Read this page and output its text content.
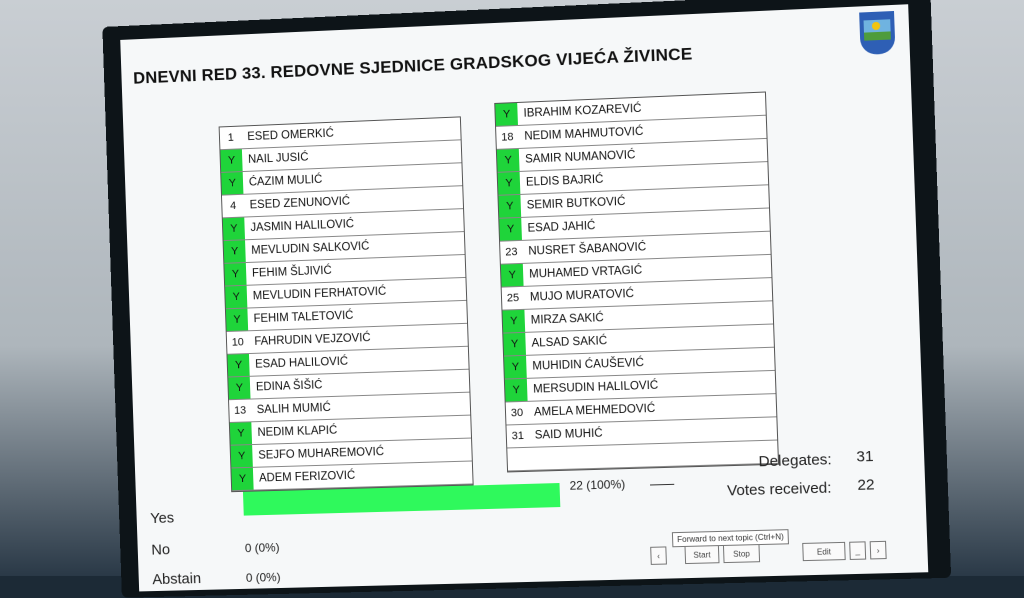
DNEVNI RED 33. REDOVNE SJEDNICE GRADSKOG VIJEĆA ŽIVINCE
1	ESED OMERKIĆ
Y	NAIL JUSIĆ
Y	ĆAZIM MULIĆ
4	ESED ZENUNOVIĆ
Y	JASMIN HALILOVIĆ
Y	MEVLUDIN SALKOVIĆ
Y	FEHIM ŠLJIVIĆ
Y	MEVLUDIN FERHATOVIĆ
Y	FEHIM TALETOVIĆ
10 FAHRUDIN VEJZOVIĆ
Y	ESAD HALILOVIĆ
Y	EDINA ŠIŠIĆ
13 SALIH MUMIĆ
Y	NEDIM KLAPIĆ
Y	SEJFO MUHAREMOVIĆ
Y	ADEM FERIZOVIĆ
Y	IBRAHIM KOZAREVIĆ
18 NEDIM MAHMUTOVIĆ
Y	SAMIR NUMANOVIĆ
Y	ELDIS BAJRIĆ
Y	SEMIR BUTKOVIĆ
Y	ESAD JAHIĆ
23 NUSRET ŠABANOVIĆ
Y	MUHAMED VRTAGIĆ
25 MUJO MURATOVIĆ
Y	MIRZA SAKIĆ
Y	ALSAD SAKIĆ
Y	MUHIDIN ĆAUŠEVIĆ
Y	MERSUDIN HALILOVIĆ
30 AMELA MEHMEDOVIĆ
31 SAID MUHIĆ
Yes
22 (100%)
No	0 (0%)
Abstain	0 (0%)
Delegates: 31
Votes received: 22
Forward to next topic (Ctrl+N)
‹	Start	Stop	Edit	_	›
